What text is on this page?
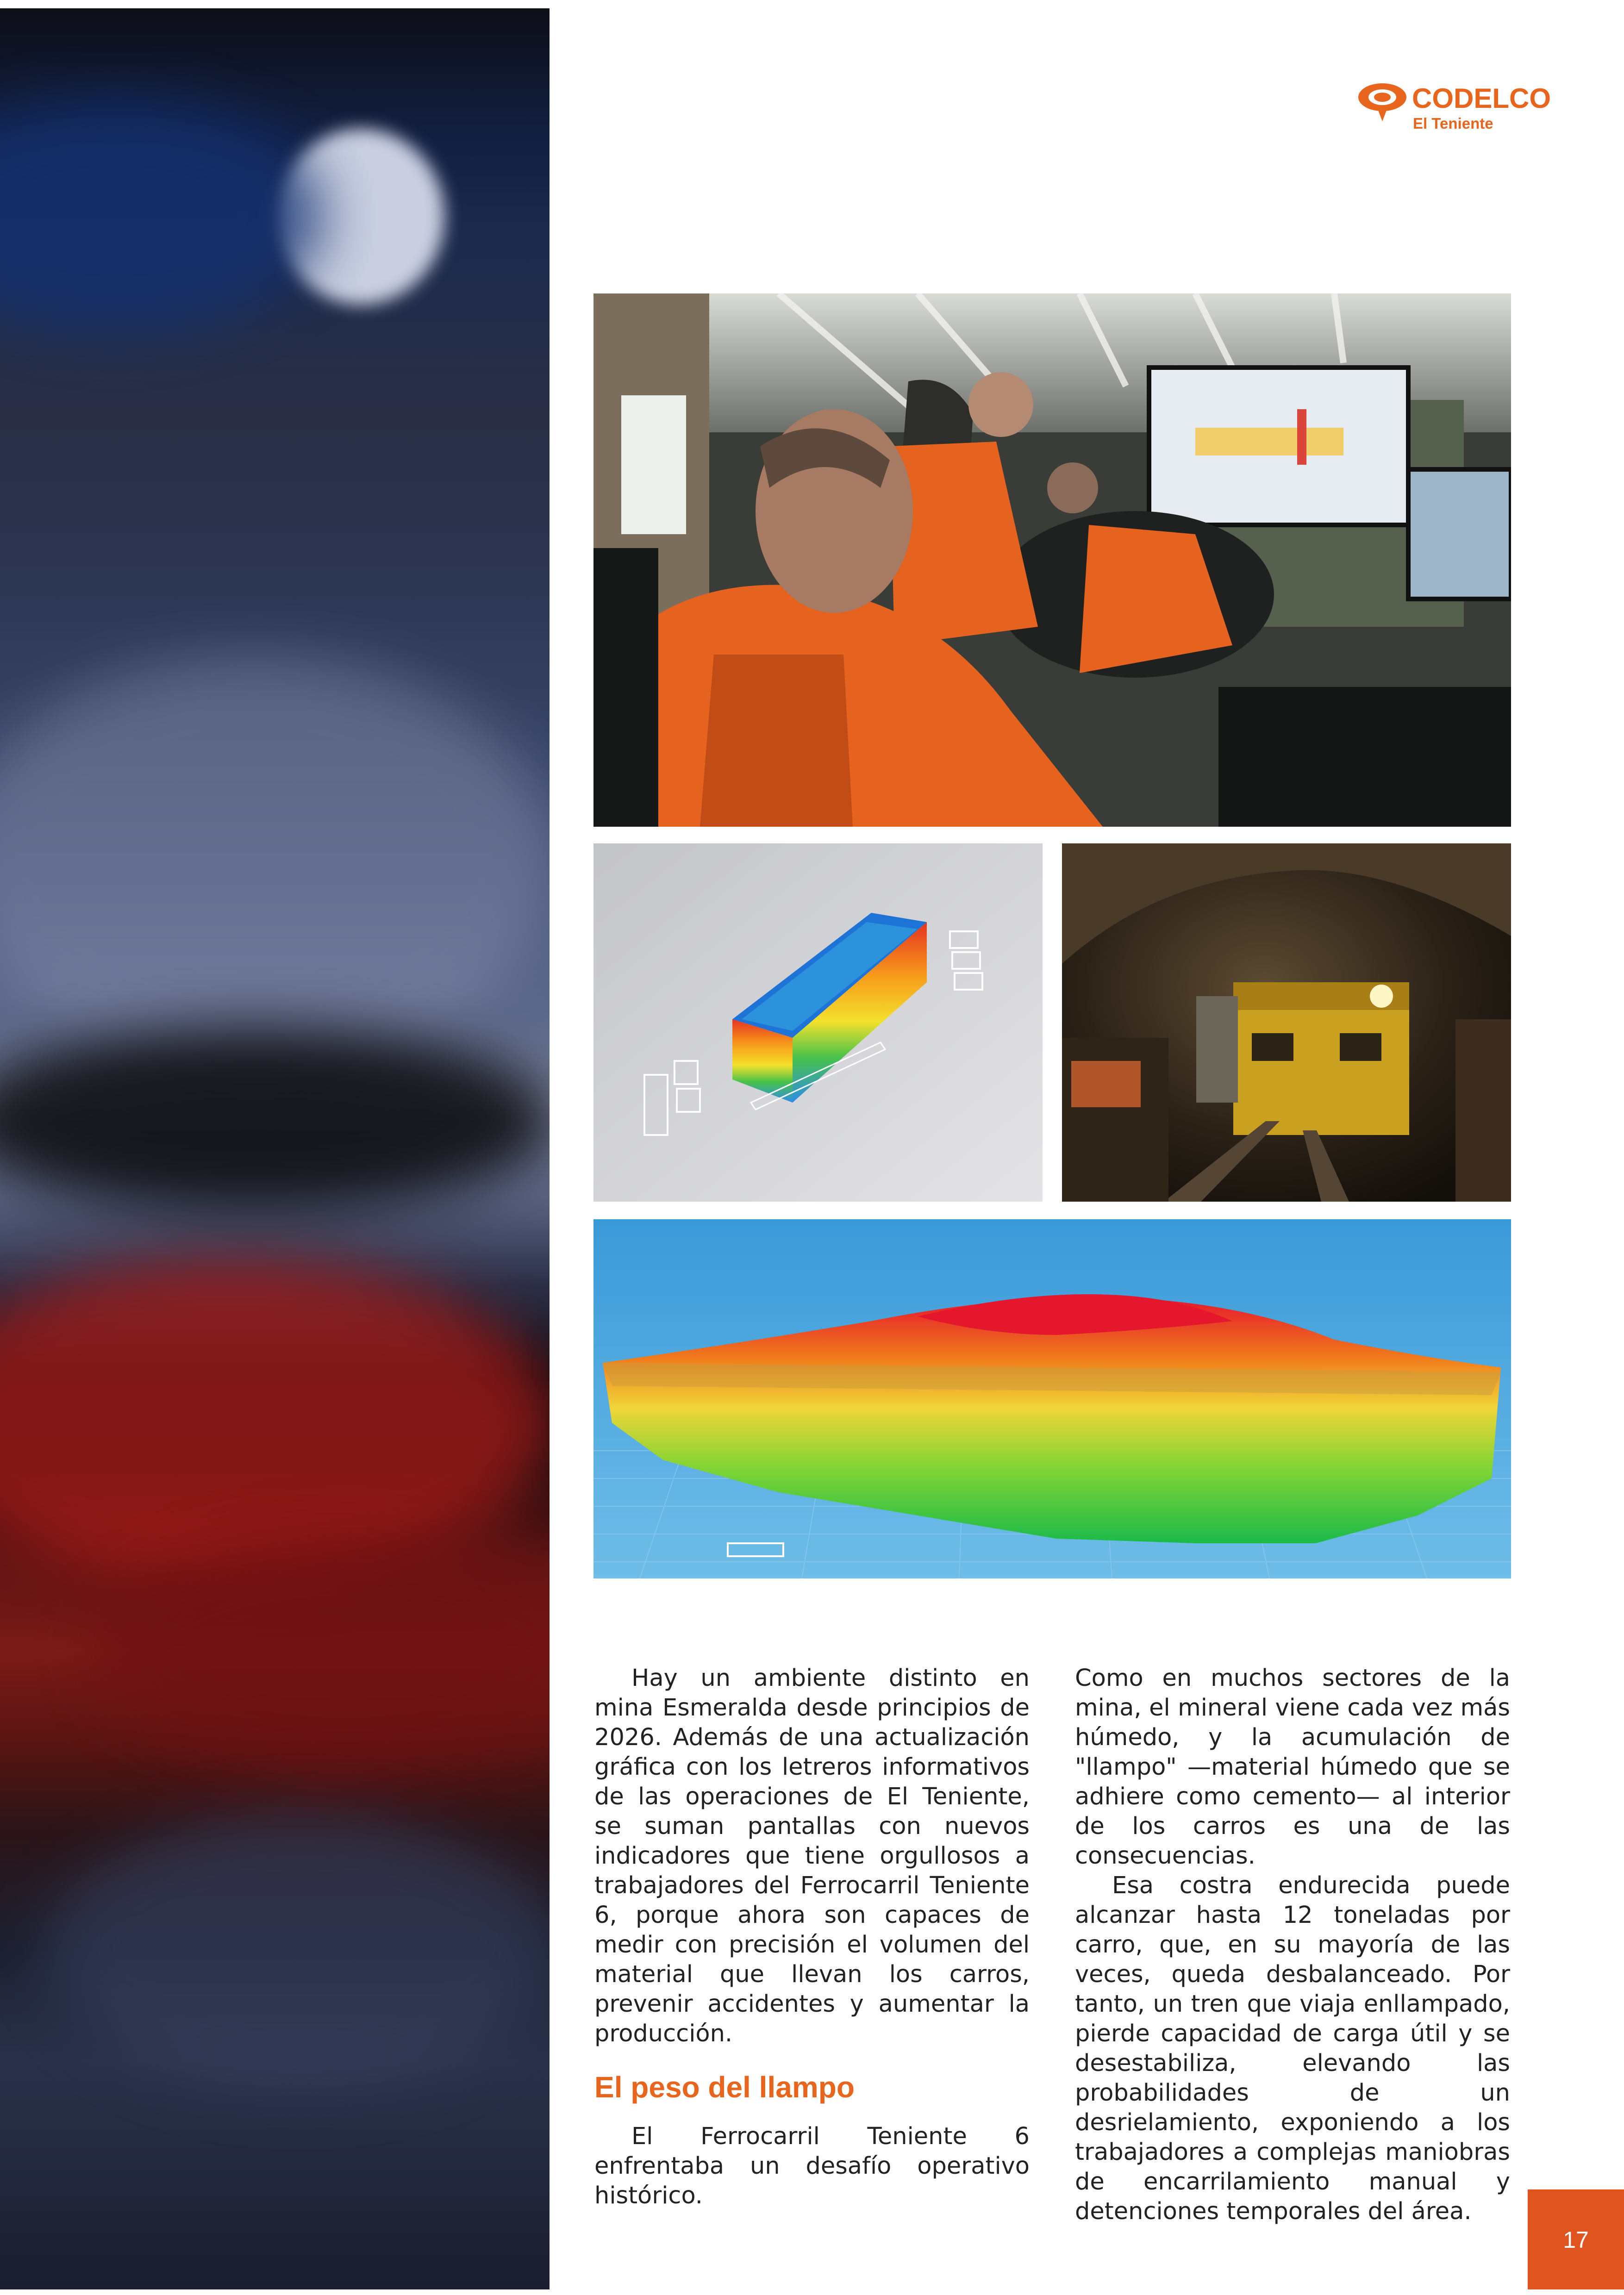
CODELCO
El Teniente

Hay un ambiente distinto en mina Esmeralda desde principios de 2026. Además de una actualización gráfica con los letreros informativos de las operaciones de El Teniente, se suman pantallas con nuevos indicadores que tiene orgullosos a trabajadores del Ferrocarril Teniente 6, porque ahora son capaces de medir con precisión el volumen del material que llevan los carros, prevenir accidentes y aumentar la producción.

El peso del llampo

El Ferrocarril Teniente 6 enfrentaba un desafío operativo histórico.

Como en muchos sectores de la mina, el mineral viene cada vez más húmedo, y la acumulación de "llampo" —material húmedo que se adhiere como cemento— al interior de los carros es una de las consecuencias.

Esa costra endurecida puede alcanzar hasta 12 toneladas por carro, que, en su mayoría de las veces, queda desbalanceado. Por tanto, un tren que viaja enllampado, pierde capacidad de carga útil y se desestabiliza, elevando las probabilidades de un desrielamiento, exponiendo a los trabajadores a complejas maniobras de encarrilamiento manual y detenciones temporales del área.

17
